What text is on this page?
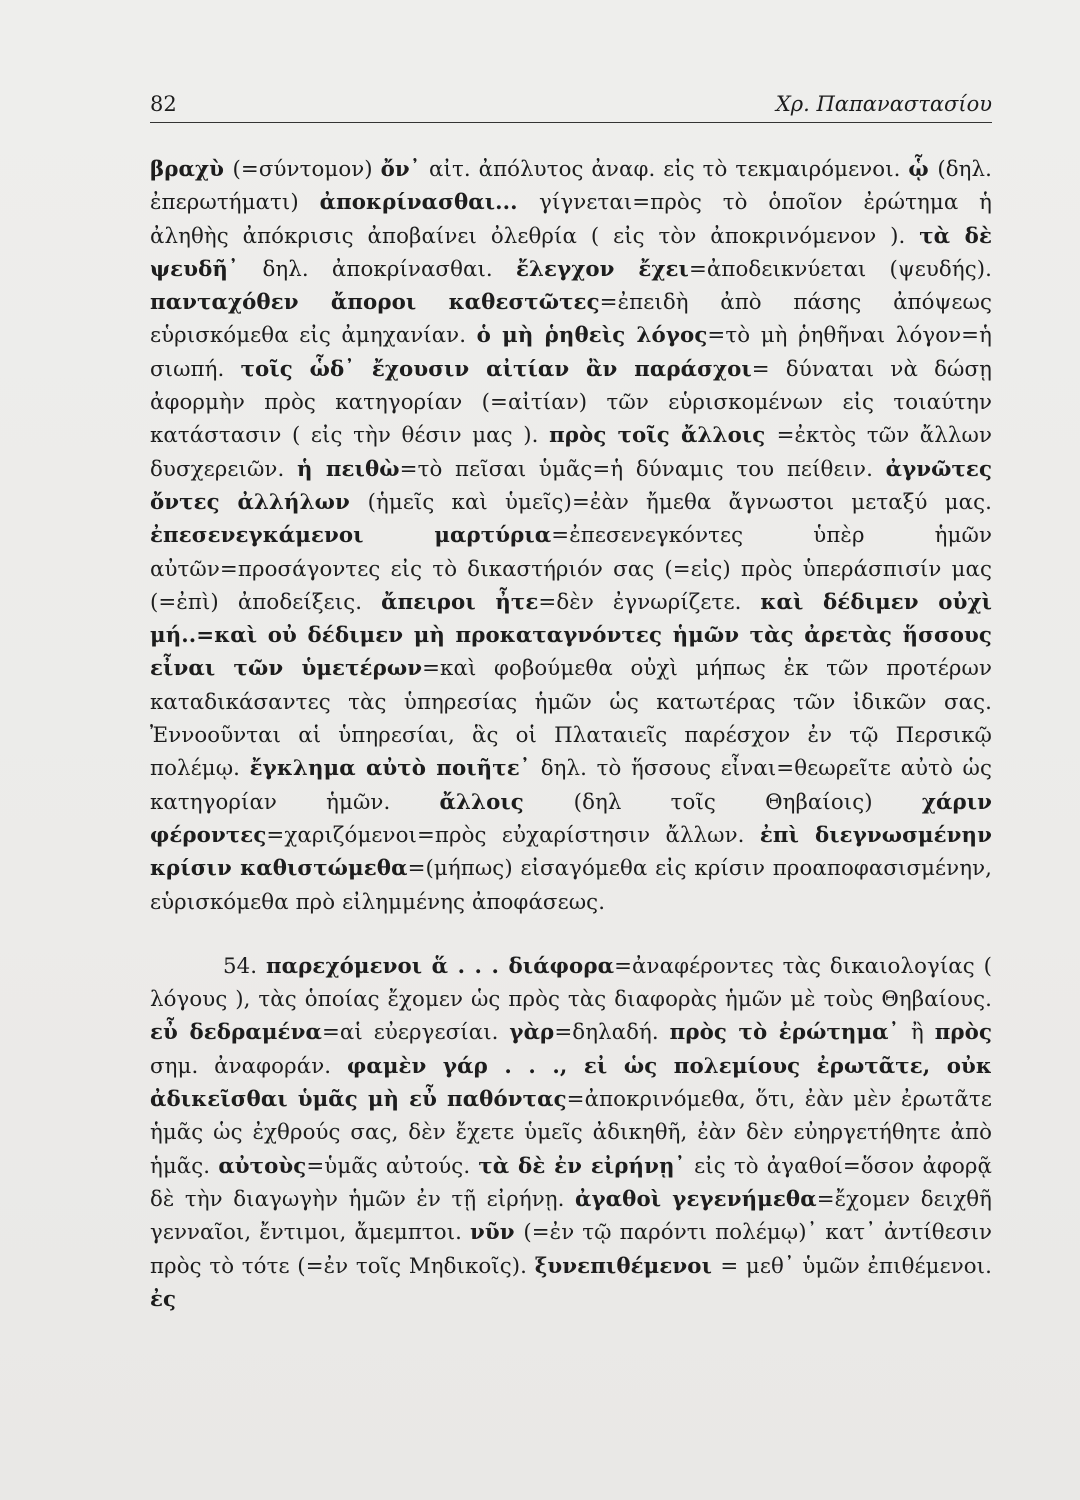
82	Χρ. Παπαναστασίου

βραχὺ (=σύντομον) ὄν᾽ αἰτ. ἀπόλυτος ἀναφ. εἰς τὸ τεκμαιρόμενοι. ᾧ (δηλ. ἐπερωτήματι) ἀποκρίνασθαι... γίγνεται=πρὸς τὸ ὁποῖον ἐρώτημα ἡ ἀληθὴς ἀπόκρισις ἀποβαίνει ὀλεθρία ( εἰς τὸν ἀποκρινόμενον ). τὰ δὲ ψευδῆ᾽ δηλ. ἀποκρίνασθαι. ἔλεγχον ἔχει=ἀποδεικνύεται (ψευδής). πανταχόθεν ἄποροι καθεστῶτες=ἐπειδὴ ἀπὸ πάσης ἀπόψεως εὑρισκόμεθα εἰς ἀμηχανίαν. ὁ μὴ ῥηθεὶς λόγος=τὸ μὴ ῥηθῆναι λόγον=ἡ σιωπή. τοῖς ὧδ᾽ ἔχουσιν αἰτίαν ἂν παράσχοι= δύναται νὰ δώσῃ ἀφορμὴν πρὸς κατηγορίαν (=αἰτίαν) τῶν εὑρισκομένων εἰς τοιαύτην κατάστασιν ( εἰς τὴν θέσιν μας ). πρὸς τοῖς ἄλλοις =ἐκτὸς τῶν ἄλλων δυσχερειῶν. ἡ πειθὼ=τὸ πεῖσαι ὑμᾶς=ἡ δύναμις του πείθειν. ἀγνῶτες ὄντες ἀλλήλων (ἡμεῖς καὶ ὑμεῖς)=ἐὰν ἤμεθα ἄγνωστοι μεταξύ μας. ἐπεσενεγκάμενοι μαρτύρια=ἐπεσενεγκόντες ὑπὲρ ἡμῶν αὐτῶν=προσάγοντες εἰς τὸ δικαστήριόν σας (=εἰς) πρὸς ὑπεράσπισίν μας (=ἐπὶ) ἀποδείξεις. ἄπειροι ἦτε=δὲν ἐγνωρίζετε. καὶ δέδιμεν οὐχὶ μή..=καὶ οὐ δέδιμεν μὴ προκαταγνόντες ἡμῶν τὰς ἀρετὰς ἥσσους εἶναι τῶν ὑμετέρων=καὶ φοβούμεθα οὐχὶ μήπως ἐκ τῶν προτέρων καταδικάσαντες τὰς ὑπηρεσίας ἡμῶν ὡς κατωτέρας τῶν ἰδικῶν σας. Ἐννοοῦνται αἱ ὑπηρεσίαι, ἃς οἱ Πλαταιεῖς παρέσχον ἐν τῷ Περσικῷ πολέμῳ. ἔγκλημα αὐτὸ ποιῆτε᾽ δηλ. τὸ ἥσσους εἶναι=θεωρεῖτε αὐτὸ ὡς κατηγορίαν ἡμῶν. ἄλλοις (δηλ τοῖς Θηβαίοις) χάριν φέροντες=χαριζόμενοι=πρὸς εὐχαρίστησιν ἄλλων. ἐπὶ διεγνωσμένην κρίσιν καθιστώμεθα=(μήπως) εἰσαγόμεθα εἰς κρίσιν προαποφασισμένην, εὑρισκόμεθα πρὸ εἰλημμένης ἀποφάσεως.

54. παρεχόμενοι ἅ . . . διάφορα=ἀναφέροντες τὰς δικαιολογίας ( λόγους ), τὰς ὁποίας ἔχομεν ὡς πρὸς τὰς διαφορὰς ἡμῶν μὲ τοὺς Θηβαίους. εὖ δεδραμένα=αἱ εὐεργεσίαι. γὰρ=δηλαδή. πρὸς τὸ ἐρώτημα᾽ ἢ πρὸς σημ. ἀναφοράν. φαμὲν γάρ . . ., εἰ ὡς πολεμίους ἐρωτᾶτε, οὐκ ἀδικεῖσθαι ὑμᾶς μὴ εὖ παθόντας=ἀποκρινόμεθα, ὅτι, ἐὰν μὲν ἐρωτᾶτε ἡμᾶς ὡς ἐχθρούς σας, δὲν ἔχετε ὑμεῖς ἀδικηθῆ, ἐὰν δὲν εὐηργετήθητε ἀπὸ ἡμᾶς. αὐτοὺς=ὑμᾶς αὐτούς. τὰ δὲ ἐν εἰρήνῃ᾽ εἰς τὸ ἀγαθοί=ὅσον ἀφορᾷ δὲ τὴν διαγωγὴν ἡμῶν ἐν τῇ εἰρήνῃ. ἀγαθοὶ γεγενήμεθα=ἔχομεν δειχθῆ γενναῖοι, ἔντιμοι, ἄμεμπτοι. νῦν (=ἐν τῷ παρόντι πολέμῳ)᾽ κατ᾽ ἀντίθεσιν πρὸς τὸ τότε (=ἐν τοῖς Μηδικοῖς). ξυνεπιθέμενοι = μεθ᾽ ὑμῶν ἐπιθέμενοι. ἐς
